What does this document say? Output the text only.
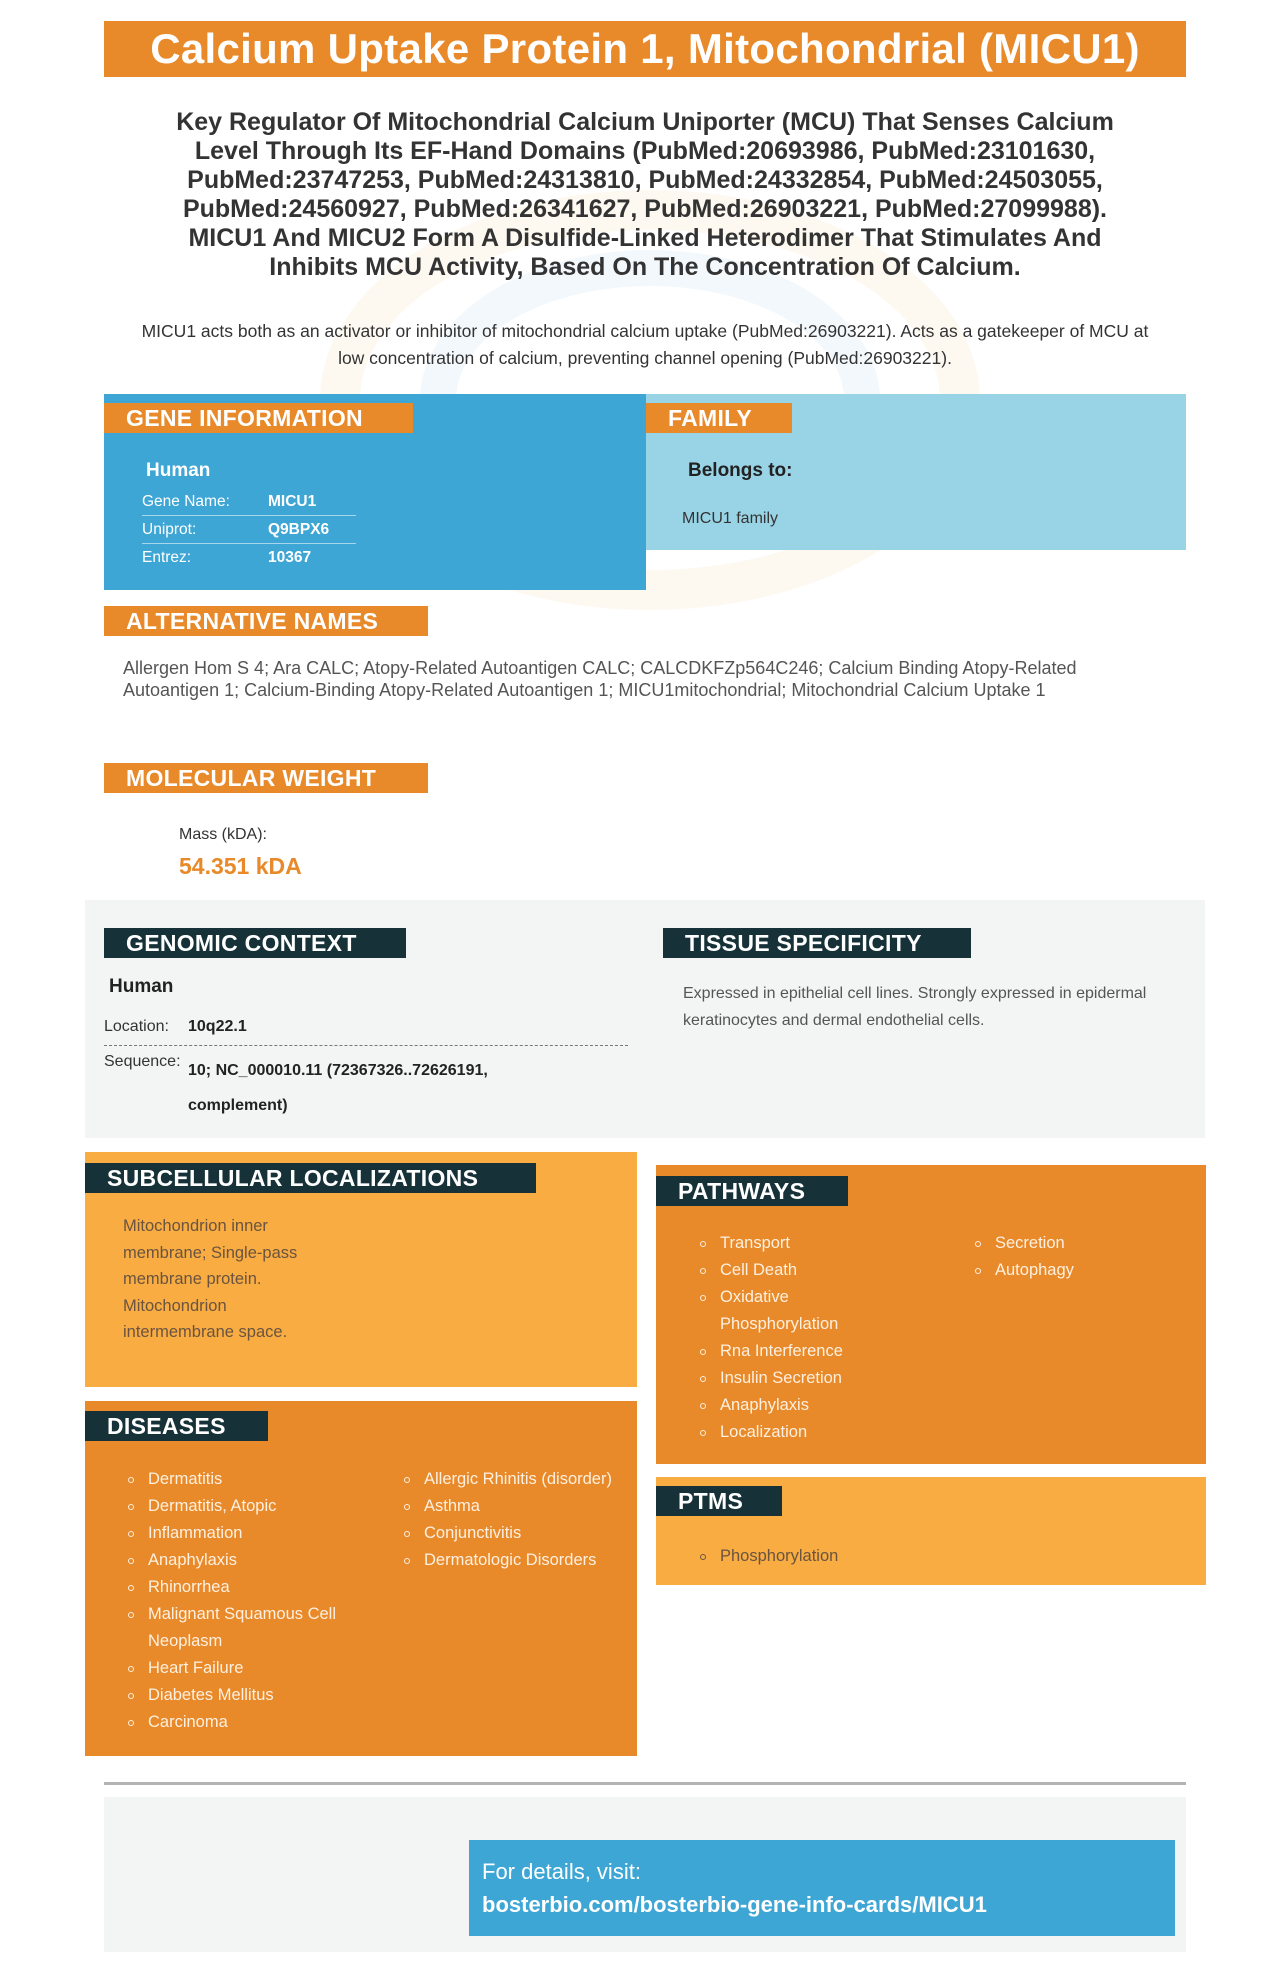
Calcium Uptake Protein 1, Mitochondrial (MICU1)
Key Regulator Of Mitochondrial Calcium Uniporter (MCU) That Senses Calcium Level Through Its EF-Hand Domains (PubMed:20693986, PubMed:23101630, PubMed:23747253, PubMed:24313810, PubMed:24332854, PubMed:24503055, PubMed:24560927, PubMed:26341627, PubMed:26903221, PubMed:27099988). MICU1 And MICU2 Form A Disulfide-Linked Heterodimer That Stimulates And Inhibits MCU Activity, Based On The Concentration Of Calcium.
MICU1 acts both as an activator or inhibitor of mitochondrial calcium uptake (PubMed:26903221). Acts as a gatekeeper of MCU at low concentration of calcium, preventing channel opening (PubMed:26903221).
GENE INFORMATION
Human
Gene Name: MICU1
Uniprot:	Q9BPX6
Entrez:	10367
FAMILY
Belongs to:
MICU1 family
ALTERNATIVE NAMES
Allergen Hom S 4; Ara CALC; Atopy-Related Autoantigen CALC; CALCDKFZp564C246; Calcium Binding Atopy-Related Autoantigen 1; Calcium-Binding Atopy-Related Autoantigen 1; MICU1mitochondrial; Mitochondrial Calcium Uptake 1
MOLECULAR WEIGHT
Mass (kDA):
54.351 kDA
GENOMIC CONTEXT
Human
Location: 10q22.1
Sequence:
10; NC_000010.11 (72367326..72626191, complement)
TISSUE SPECIFICITY
Expressed in epithelial cell lines. Strongly expressed in epidermal keratinocytes and dermal endothelial cells.
SUBCELLULAR LOCALIZATIONS
Mitochondrion inner membrane; Single-pass membrane protein. Mitochondrion intermembrane space.
DISEASES
Dermatitis
Dermatitis, Atopic
Inflammation
Anaphylaxis
Rhinorrhea
Malignant Squamous Cell Neoplasm
Heart Failure
Diabetes Mellitus
Carcinoma
Allergic Rhinitis (disorder)
Asthma
Conjunctivitis
Dermatologic Disorders
PATHWAYS
Transport
Cell Death
Oxidative Phosphorylation
Rna Interference
Insulin Secretion
Anaphylaxis
Localization
Secretion
Autophagy
PTMS
Phosphorylation
For details, visit:
bosterbio.com/bosterbio-gene-info-cards/MICU1
